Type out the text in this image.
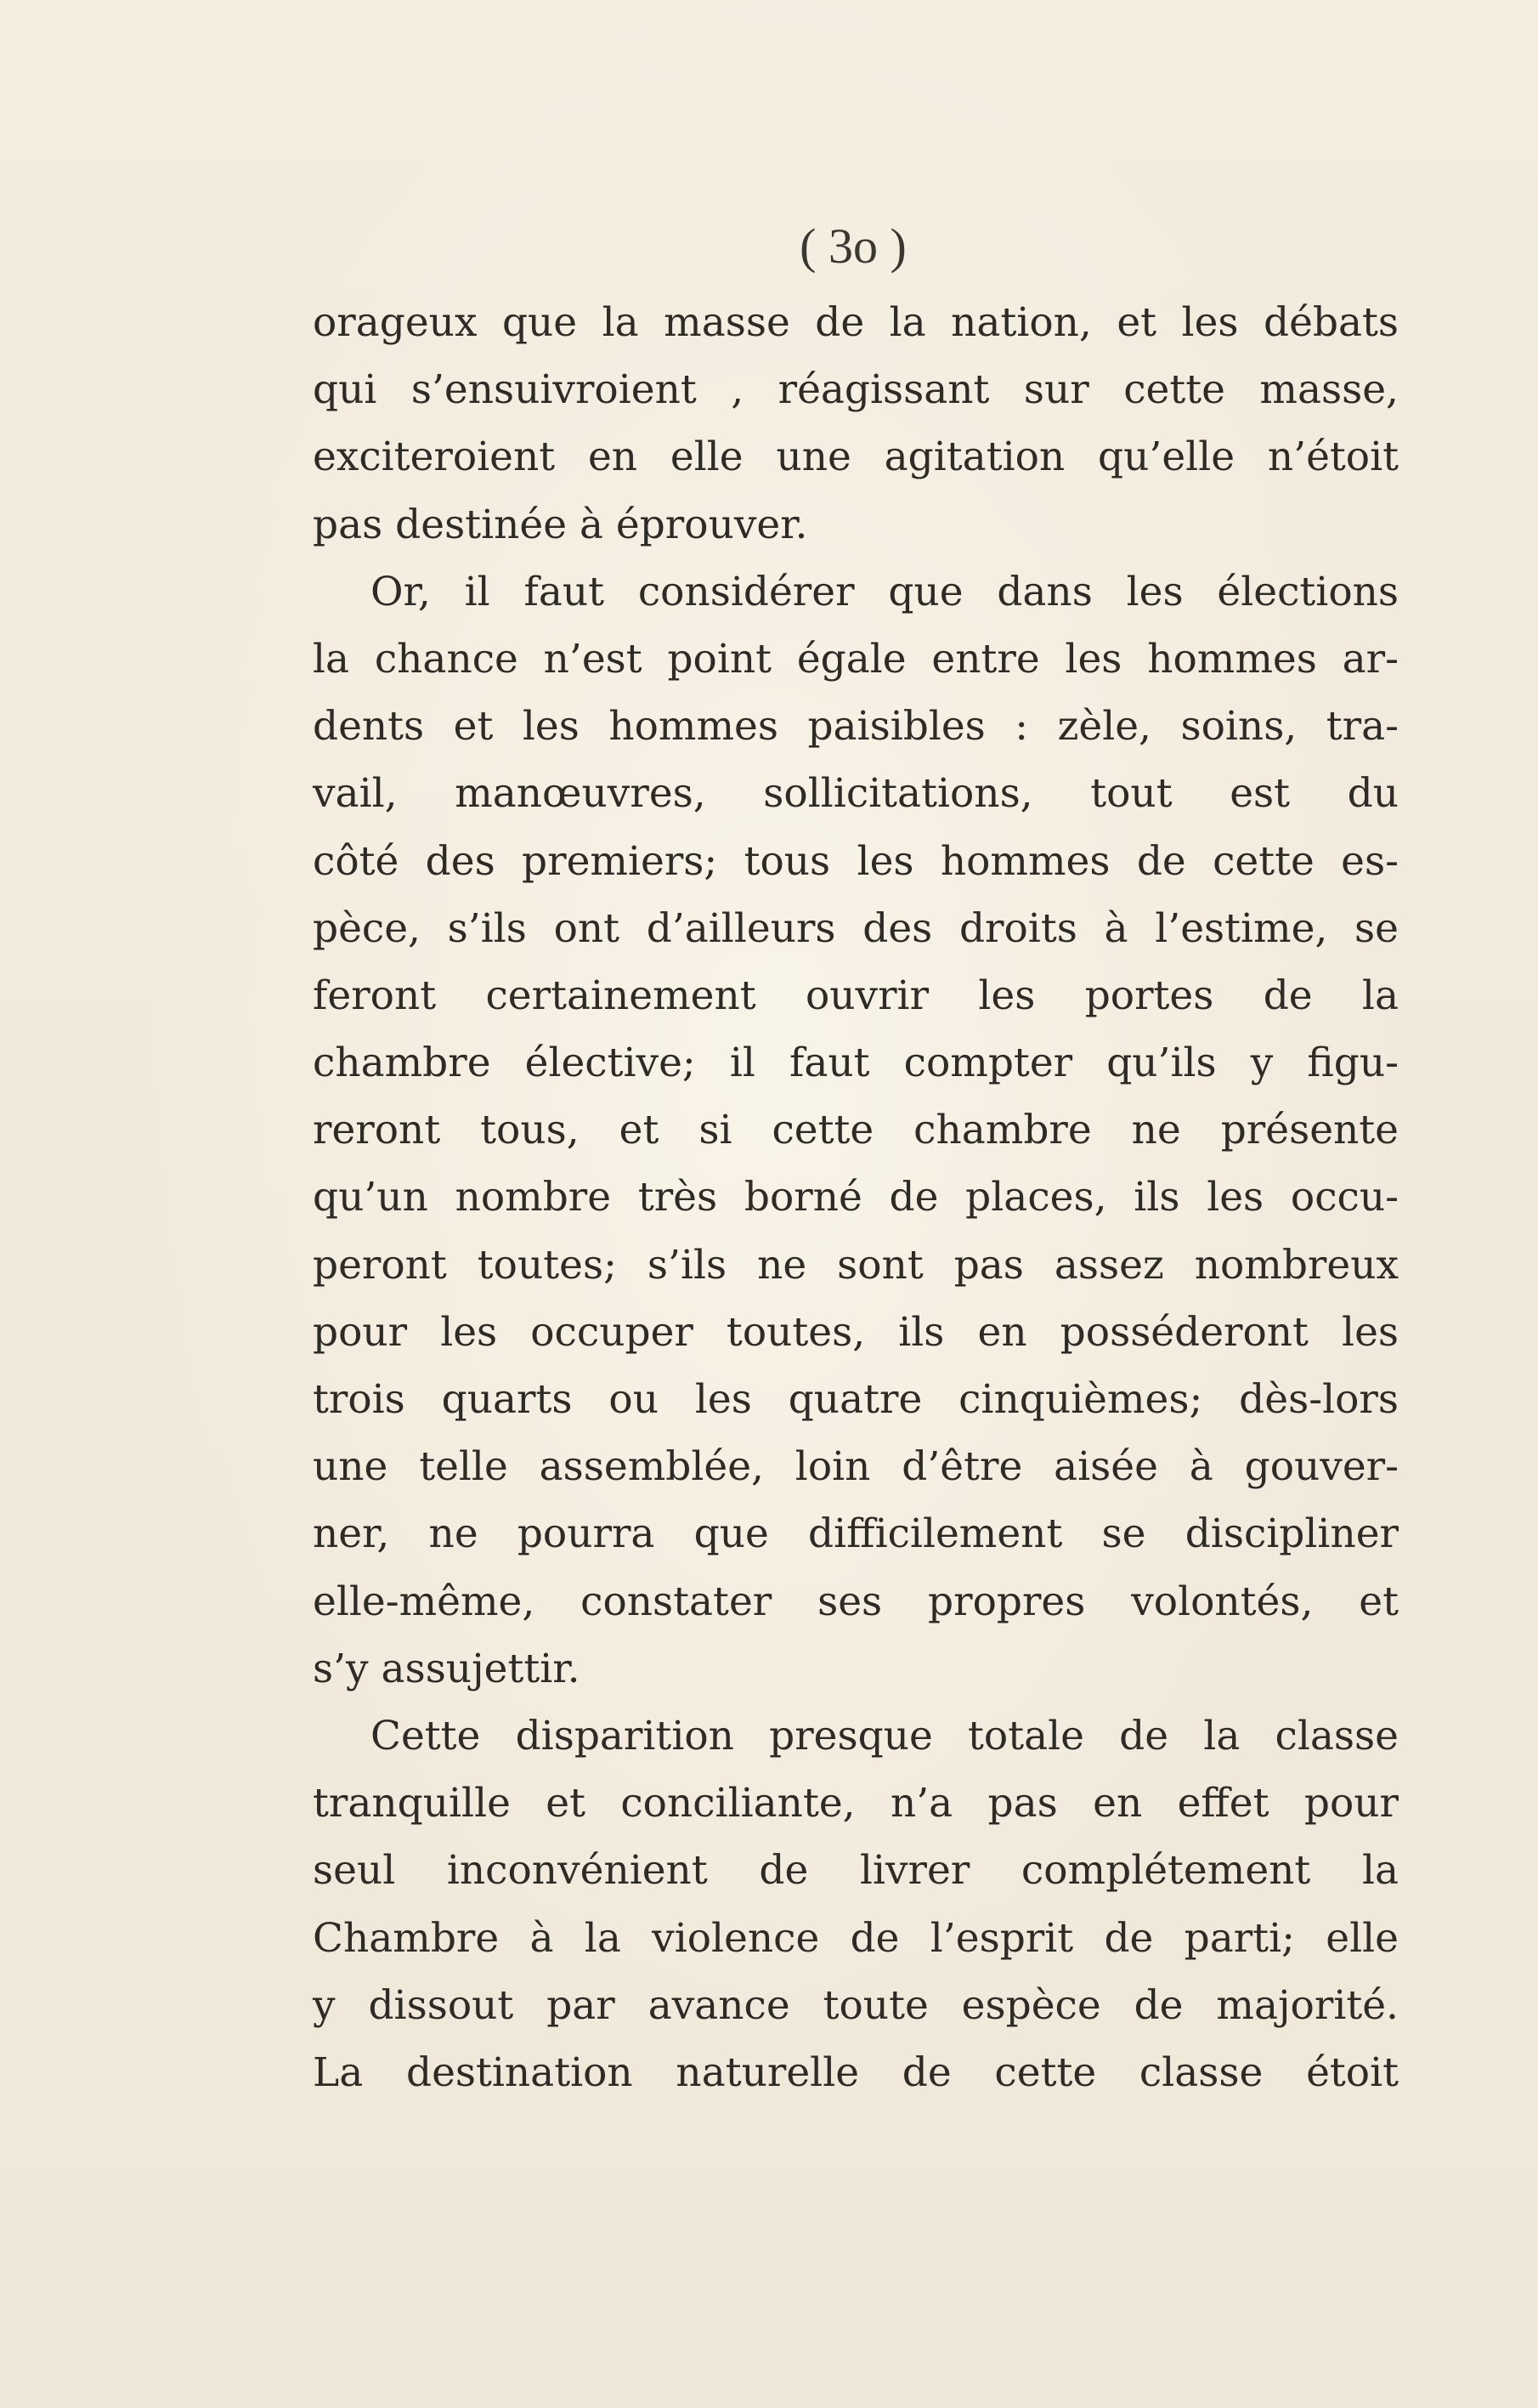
( 3o )
orageux que la masse de la nation, et les débats
qui s’ensuivroient , réagissant sur cette masse,
exciteroient en elle une agitation qu’elle n’étoit
pas destinée à éprouver.
Or, il faut considérer que dans les élections
la chance n’est point égale entre les hommes ar-
dents et les hommes paisibles : zèle, soins, tra-
vail, manœuvres, sollicitations, tout est du
côté des premiers; tous les hommes de cette es-
pèce, s’ils ont d’ailleurs des droits à l’estime, se
feront certainement ouvrir les portes de la
chambre élective; il faut compter qu’ils y figu-
reront tous, et si cette chambre ne présente
qu’un nombre très borné de places, ils les occu-
peront toutes; s’ils ne sont pas assez nombreux
pour les occuper toutes, ils en posséderont les
trois quarts ou les quatre cinquièmes; dès-lors
une telle assemblée, loin d’être aisée à gouver-
ner, ne pourra que difficilement se discipliner
elle-même, constater ses propres volontés, et
s’y assujettir.
Cette disparition presque totale de la classe
tranquille et conciliante, n’a pas en effet pour
seul inconvénient de livrer complétement la
Chambre à la violence de l’esprit de parti; elle
y dissout par avance toute espèce de majorité.
La destination naturelle de cette classe étoit
